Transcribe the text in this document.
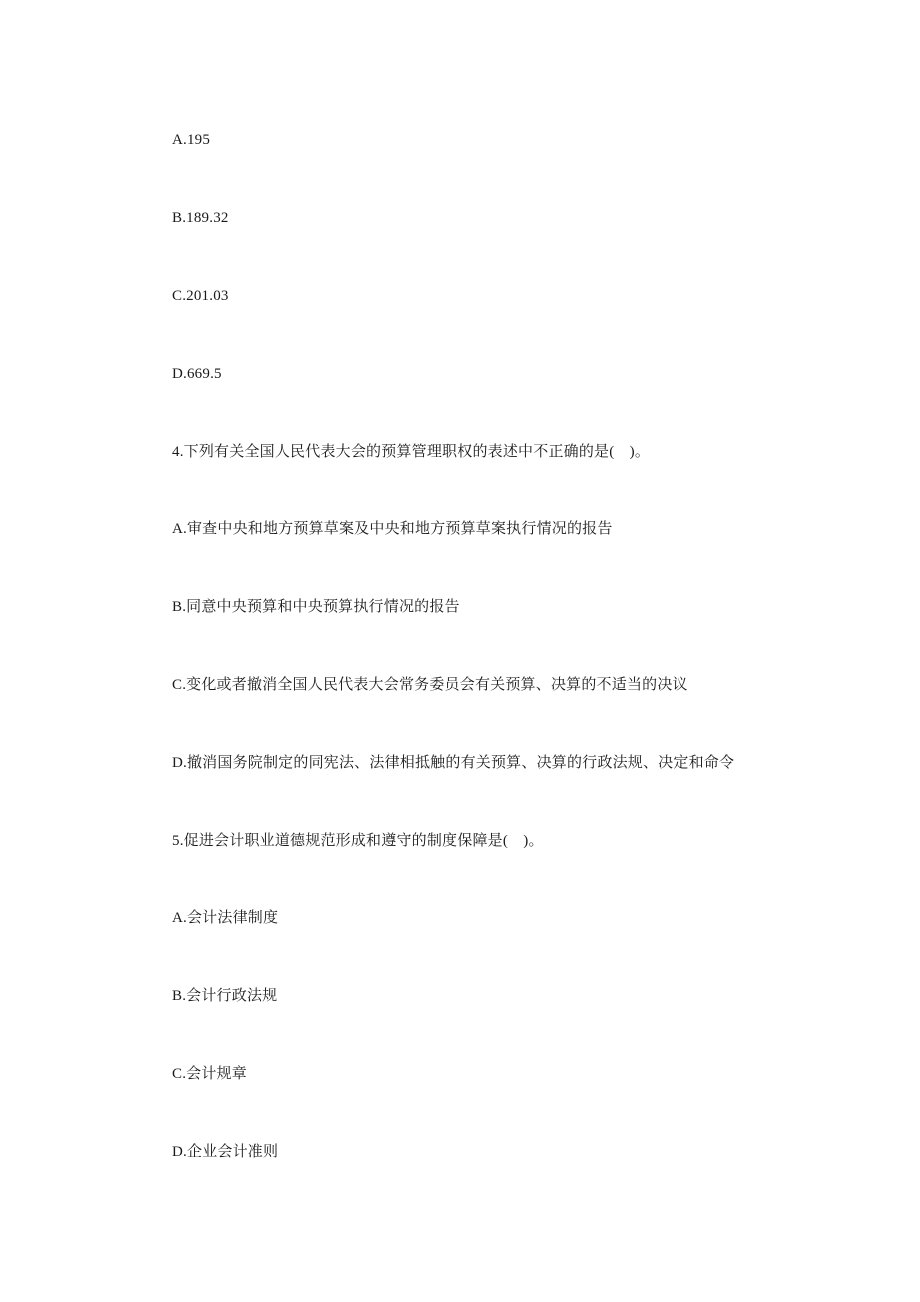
A.195
B.189.32
C.201.03
D.669.5
4.下列有关全国人民代表大会的预算管理职权的表述中不正确的是(　)。
A.审查中央和地方预算草案及中央和地方预算草案执行情况的报告
B.同意中央预算和中央预算执行情况的报告
C.变化或者撤消全国人民代表大会常务委员会有关预算、决算的不适当的决议
D.撤消国务院制定的同宪法、法律相抵触的有关预算、决算的行政法规、决定和命令
5.促进会计职业道德规范形成和遵守的制度保障是(　)。
A.会计法律制度
B.会计行政法规
C.会计规章
D.企业会计准则
